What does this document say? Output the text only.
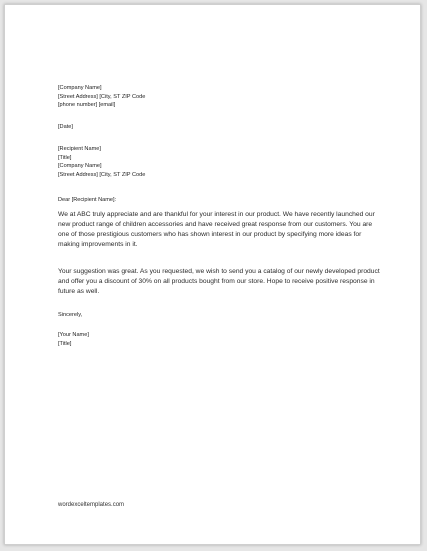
[Company Name]
[Street Address] [City, ST ZIP Code
[phone number] [email]
[Date]
[Recipient Name]
[Title]
[Company Name]
[Street Address] [City, ST ZIP Code
Dear [Recipient Name]:
We at ABC truly appreciate and are thankful for your interest in our product. We have recently launched our new product range of children accessories and have received great response from our customers. You are one of those prestigious customers who has shown interest in our product by specifying more ideas for making improvements in it.
Your suggestion was great. As you requested, we wish to send you a catalog of our newly developed product and offer you a discount of 30% on all products bought from our store. Hope to receive positive response in future as well.
Sincerely,
[Your Name]
[Title]
wordexceltemplates.com
